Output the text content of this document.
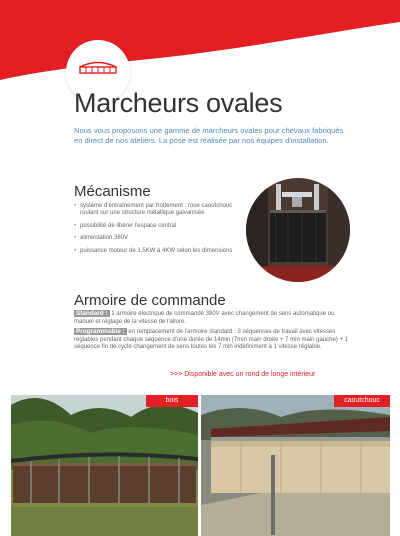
Marcheurs ovales
Nous vous proposons une gamme de marcheurs ovales pour chevaux fabriqués en direct de nos ateliers. La pose est réalisée par nos équipes d'installation.
Mécanisme
• système d'entraînement par frottement : roue caoutchouc roulant sur une structure métallique galvanisée
• possibilité de libérer l'espace central
• alimentation 380V
• puissance moteur de 1,5KW à 4KW selon les dimensions
Armoire de commande
Standard : 1 armoire électrique de commande 380V avec changement de sens automatique ou manuel et réglage de la vitesse de l'allure.
Programmable : en remplacement de l'armoire standard : 3 séquences de travail avec vitesses réglables pendant chaque séquence d'une durée de 14min (7min main droite + 7 min main gauche) + 1 séquence fin de cycle changement de sens toutes les 7 min indéfiniment à 1 vitesse réglable.
>>> Disponible avec un rond de longe intérieur
bois	caoutchouc
